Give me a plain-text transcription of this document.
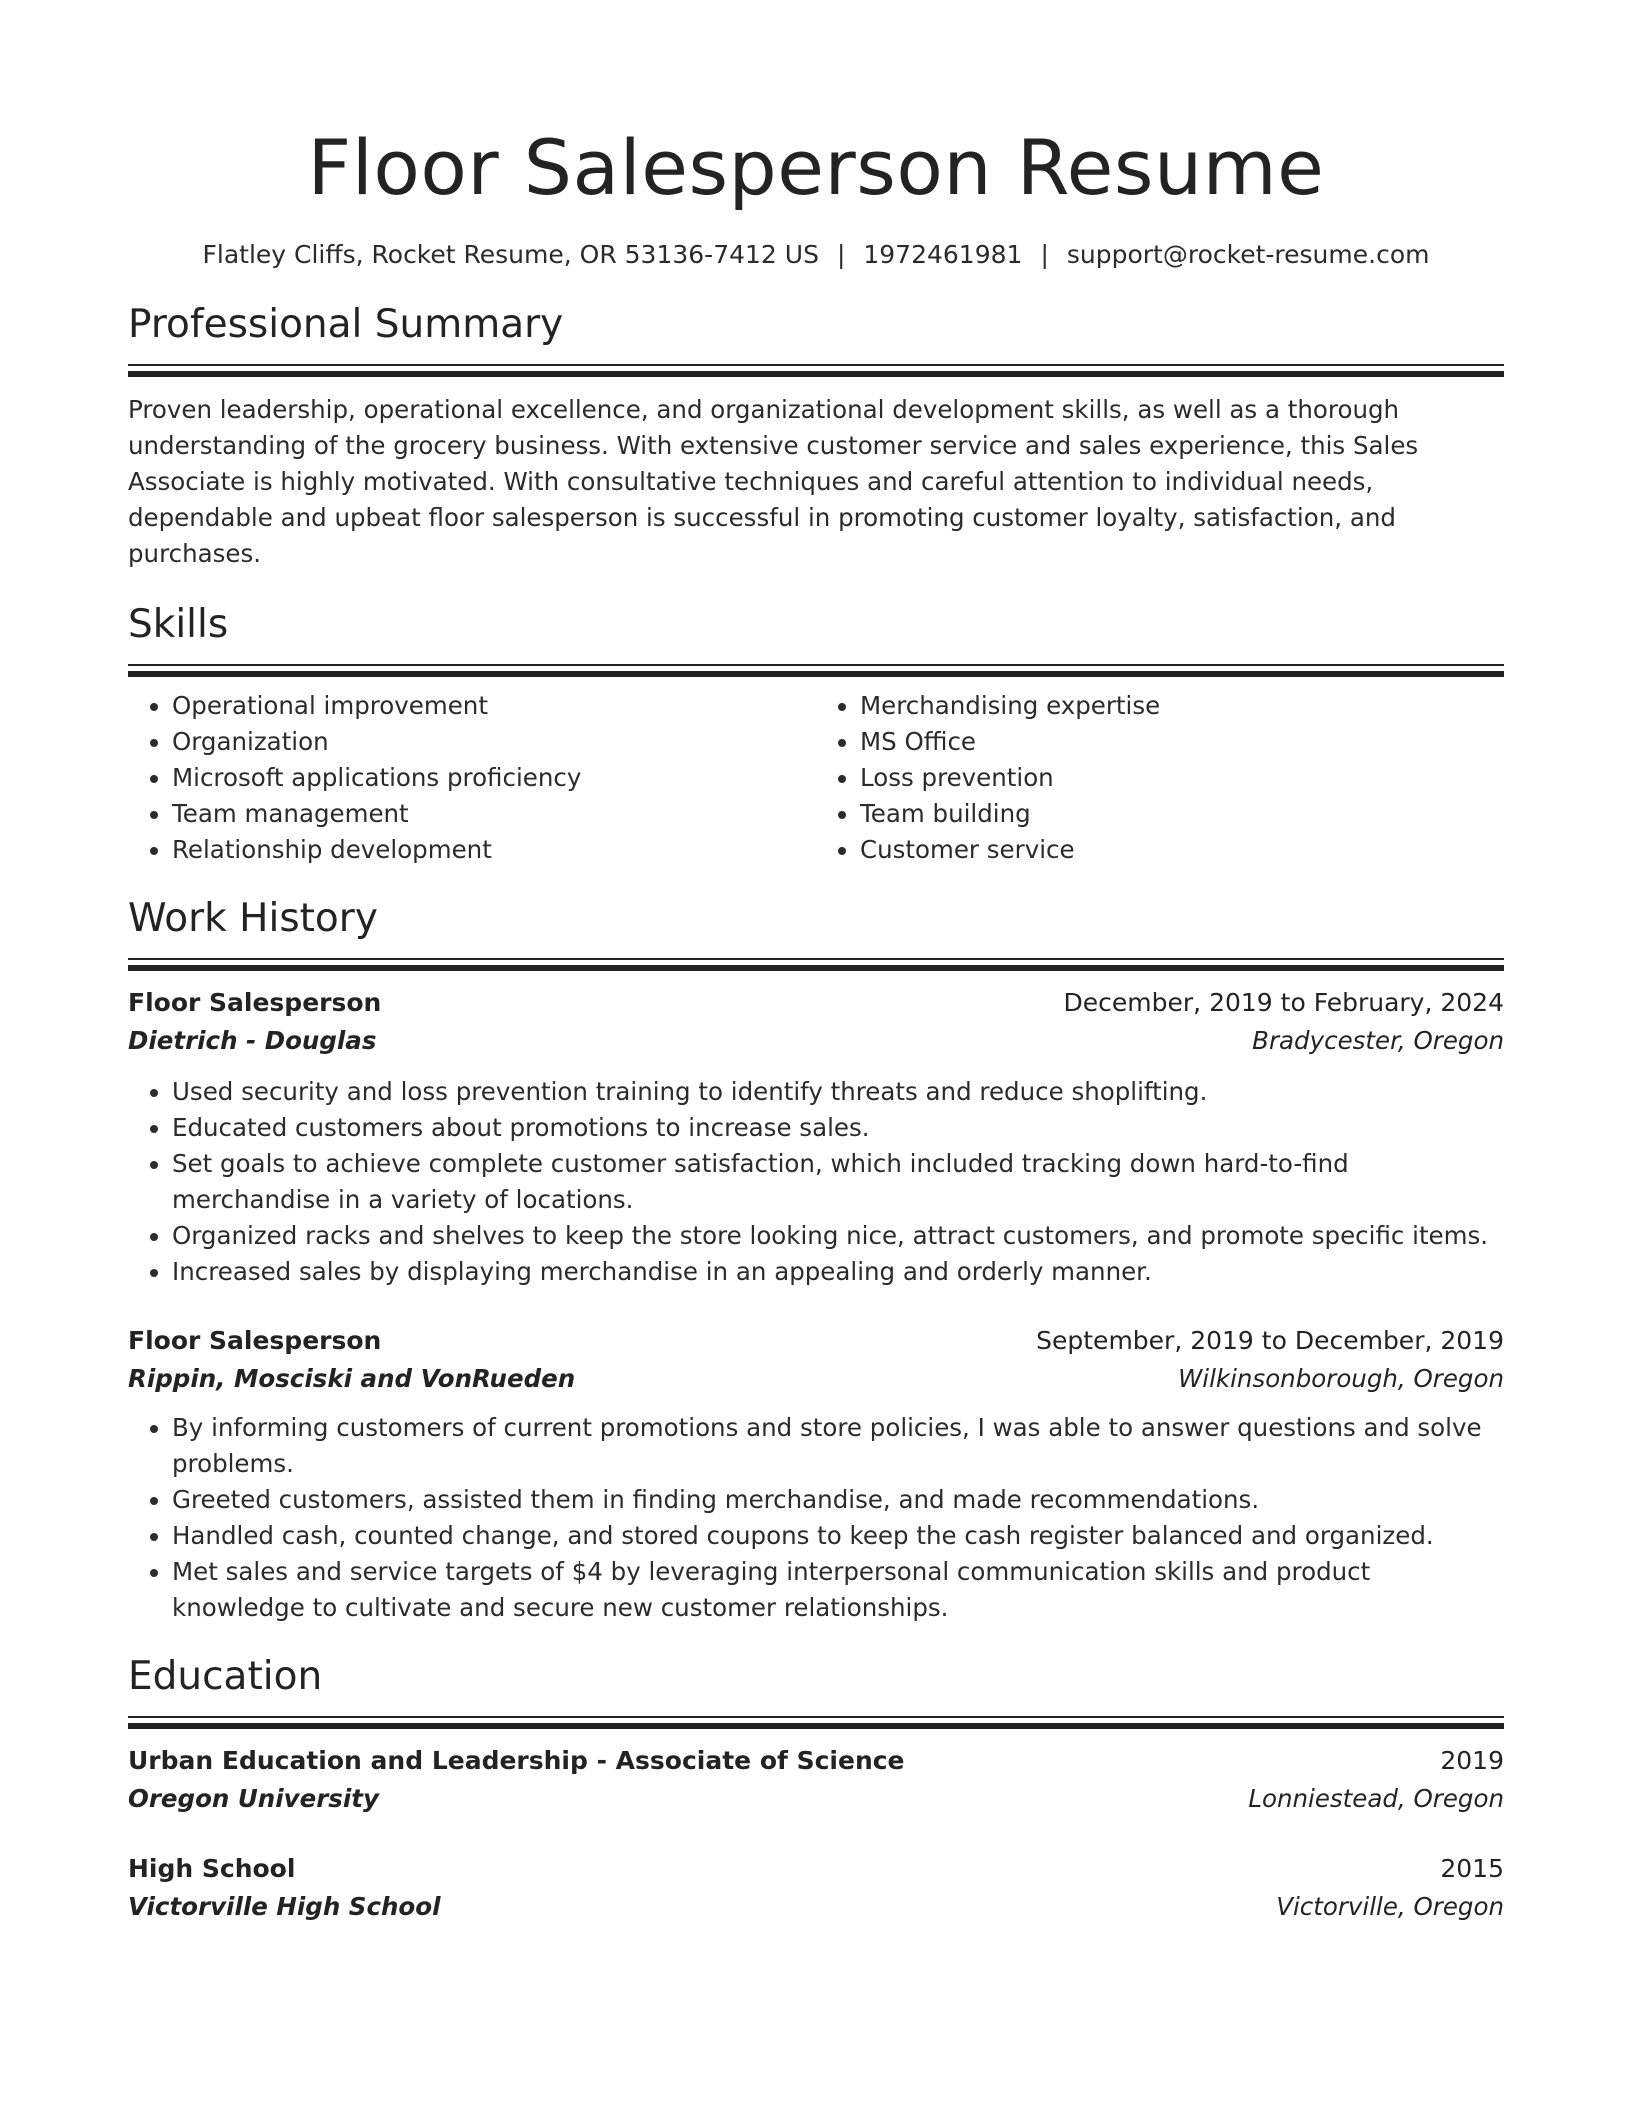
Floor Salesperson Resume
Flatley Cliffs, Rocket Resume, OR 53136-7412 US | 1972461981 | support@rocket-resume.com
Professional Summary

Proven leadership, operational excellence, and organizational development skills, as well as a thorough understanding of the grocery business. With extensive customer service and sales experience, this Sales Associate is highly motivated. With consultative techniques and careful attention to individual needs, dependable and upbeat floor salesperson is successful in promoting customer loyalty, satisfaction, and purchases.

Skills
• Operational improvement
• Organization
• Microsoft applications proficiency
• Team management
• Relationship development
• Merchandising expertise
• MS Office
• Loss prevention
• Team building
• Customer service
Work History
Floor Salesperson	December, 2019 to February, 2024
Dietrich - Douglas	Bradycester, Oregon
• Used security and loss prevention training to identify threats and reduce shoplifting.
• Educated customers about promotions to increase sales.
• Set goals to achieve complete customer satisfaction, which included tracking down hard-to-find merchandise in a variety of locations.
• Organized racks and shelves to keep the store looking nice, attract customers, and promote specific items.
• Increased sales by displaying merchandise in an appealing and orderly manner.
Floor Salesperson	September, 2019 to December, 2019
Rippin, Mosciski and VonRueden	Wilkinsonborough, Oregon
• By informing customers of current promotions and store policies, I was able to answer questions and solve problems.
• Greeted customers, assisted them in finding merchandise, and made recommendations.
• Handled cash, counted change, and stored coupons to keep the cash register balanced and organized.
• Met sales and service targets of $4 by leveraging interpersonal communication skills and product knowledge to cultivate and secure new customer relationships.
Education
Urban Education and Leadership - Associate of Science	2019
Oregon University	Lonniestead, Oregon
High School	2015
Victorville High School	Victorville, Oregon
